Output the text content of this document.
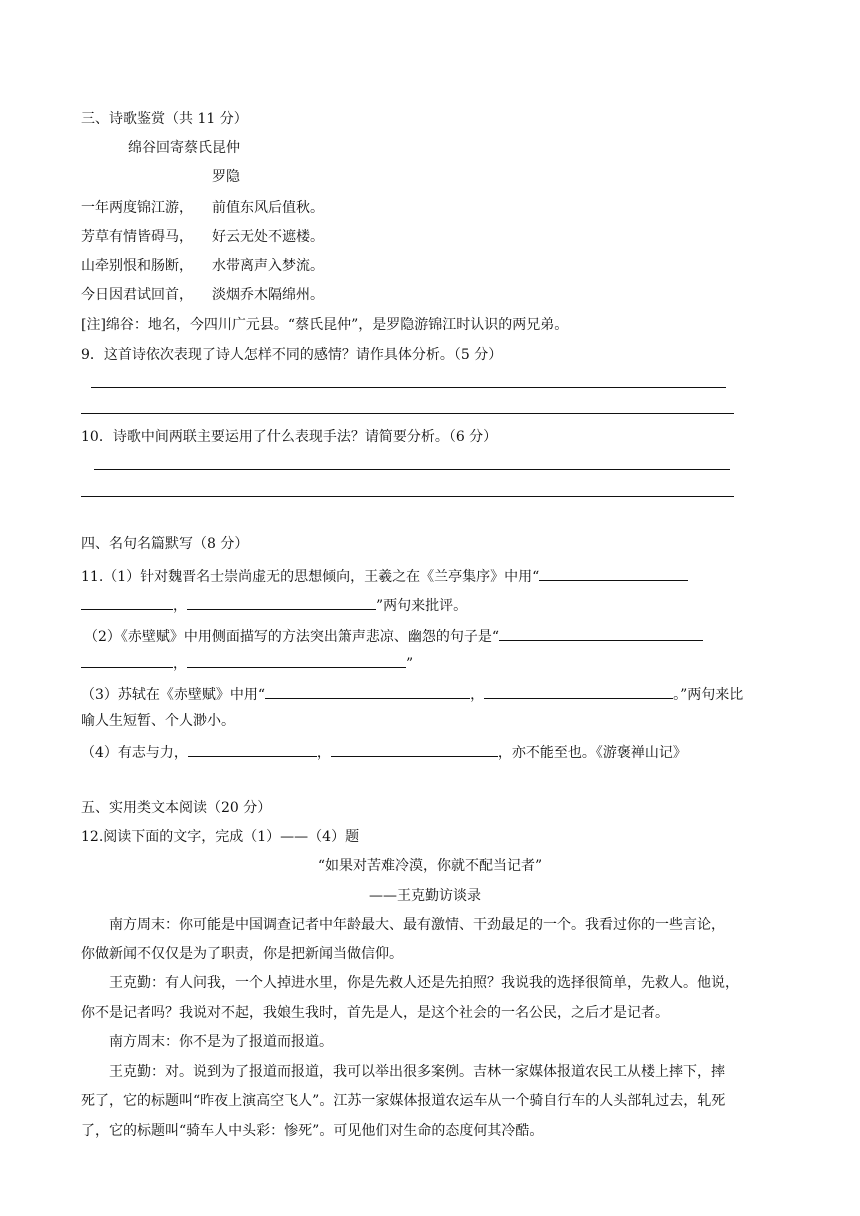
三、诗歌鉴赏（共 11 分）
绵谷回寄蔡氏昆仲
罗隐
一年两度锦江游， 前值东风后值秋。
芳草有情皆碍马， 好云无处不遮楼。
山牵别恨和肠断， 水带离声入梦流。
今日因君试回首， 淡烟乔木隔绵州。
[注]绵谷：地名，今四川广元县。“蔡氏昆仲”，是罗隐游锦江时认识的两兄弟。
9．这首诗依次表现了诗人怎样不同的感情？请作具体分析。（5 分）
10．诗歌中间两联主要运用了什么表现手法？请简要分析。（6 分）
四、名句名篇默写（8 分）
11.（1）针对魏晋名士崇尚虚无的思想倾向，王羲之在《兰亭集序》中用“
，	”两句来批评。
（2）《赤壁赋》中用侧面描写的方法突出箫声悲凉、幽怨的句子是“
，	”
（3）苏轼在《赤壁赋》中用“	，	。”两句来比
喻人生短暂、个人渺小。
（4）有志与力，	，	，亦不能至也。《游褒禅山记》
五、实用类文本阅读（20 分）
12.阅读下面的文字，完成（1）——（4）题
“如果对苦难冷漠，你就不配当记者”
——王克勤访谈录
南方周末：你可能是中国调查记者中年龄最大、最有激情、干劲最足的一个。我看过你的一些言论，
你做新闻不仅仅是为了职责，你是把新闻当做信仰。
王克勤：有人问我，一个人掉进水里，你是先救人还是先拍照？我说我的选择很简单，先救人。他说，
你不是记者吗？我说对不起，我娘生我时，首先是人，是这个社会的一名公民，之后才是记者。
南方周末：你不是为了报道而报道。
王克勤：对。说到为了报道而报道，我可以举出很多案例。吉林一家媒体报道农民工从楼上摔下，摔
死了，它的标题叫“昨夜上演高空飞人”。江苏一家媒体报道农运车从一个骑自行车的人头部轧过去，轧死
了，它的标题叫“骑车人中头彩：惨死”。可见他们对生命的态度何其冷酷。
